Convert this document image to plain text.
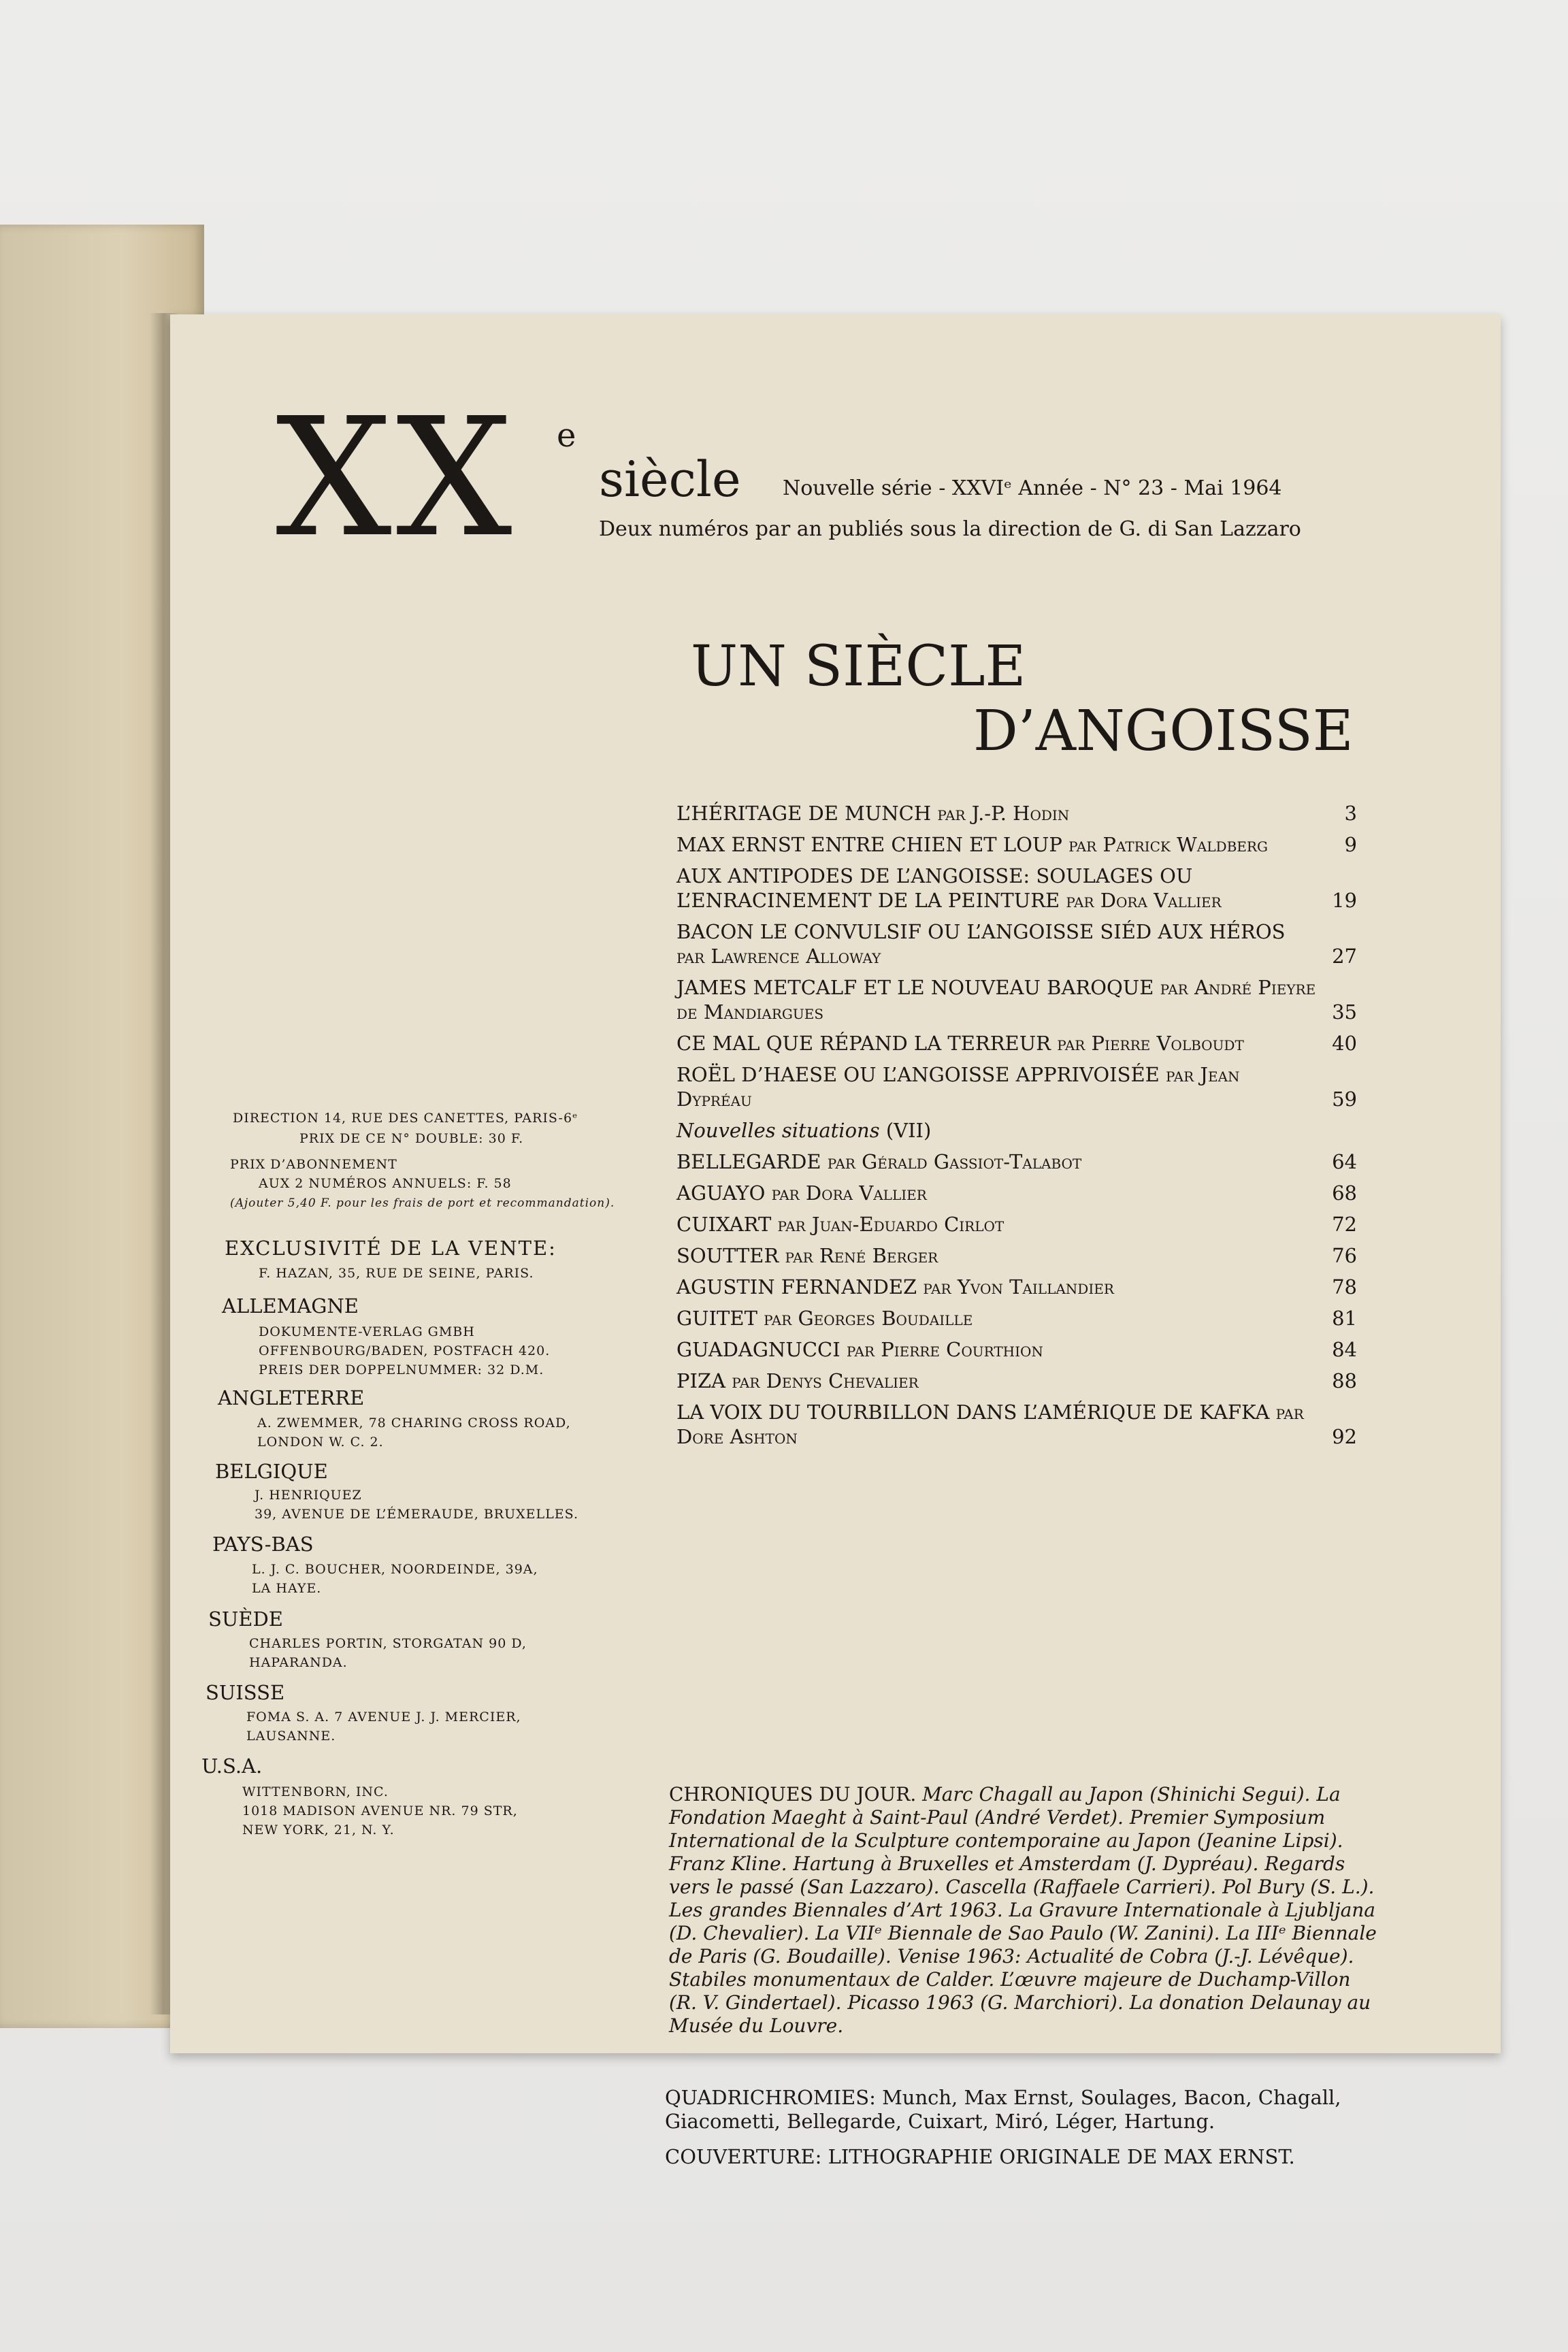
XX e
siècle Nouvelle série - XXVIᵉ Année - N° 23 - Mai 1964
Deux numéros par an publiés sous la direction de G. di San Lazzaro
UN SIÈCLE
D’ANGOISSE
L’HÉRITAGE DE MUNCH par J.-P. Hodin	3
MAX ERNST ENTRE CHIEN ET LOUP par Patrick Waldberg	9
AUX ANTIPODES DE L’ANGOISSE: SOULAGES OU L’ENRACINEMENT DE LA PEINTURE par Dora Vallier	19
BACON LE CONVULSIF OU L’ANGOISSE SIÉD AUX HÉROS par Lawrence Alloway	27
JAMES METCALF ET LE NOUVEAU BAROQUE par André Pieyre de Mandiargues	35
CE MAL QUE RÉPAND LA TERREUR par Pierre Volboudt	40
ROËL D’HAESE OU L’ANGOISSE APPRIVOISÉE par Jean Dypréau	59
Nouvelles situations (VII)
BELLEGARDE par Gérald Gassiot-Talabot	64
AGUAYO par Dora Vallier	68
CUIXART par Juan-Eduardo Cirlot	72
SOUTTER par René Berger	76
AGUSTIN FERNANDEZ par Yvon Taillandier	78
GUITET par Georges Boudaille	81
GUADAGNUCCI par Pierre Courthion	84
PIZA par Denys Chevalier	88
LA VOIX DU TOURBILLON DANS L’AMÉRIQUE DE KAFKA par Dore Ashton	92
CHRONIQUES DU JOUR. Marc Chagall au Japon (Shinichi Segui). La Fondation Maeght à Saint-Paul (André Verdet). Premier Symposium International de la Sculpture contemporaine au Japon (Jeanine Lipsi). Franz Kline. Hartung à Bruxelles et Amsterdam (J. Dypréau). Regards vers le passé (San Lazzaro). Cascella (Raffaele Carrieri). Pol Bury (S. L.). Les grandes Biennales d’Art 1963. La Gravure Internationale à Ljubljana (D. Chevalier). La VIIᵉ Biennale de Sao Paulo (W. Zanini). La IIIᵉ Biennale de Paris (G. Boudaille). Venise 1963: Actualité de Cobra (J.-J. Lévêque). Stabiles monumentaux de Calder. L’œuvre majeure de Duchamp-Villon (R. V. Gindertael). Picasso 1963 (G. Marchiori). La donation Delaunay au Musée du Louvre.
QUADRICHROMIES: Munch, Max Ernst, Soulages, Bacon, Chagall, Giacometti, Bellegarde, Cuixart, Miró, Léger, Hartung.
COUVERTURE: LITHOGRAPHIE ORIGINALE DE MAX ERNST.
DIRECTION 14, RUE DES CANETTES, PARIS-6ᵉ
PRIX DE CE N° DOUBLE: 30 F.
PRIX D’ABONNEMENT
AUX 2 NUMÉROS ANNUELS: F. 58
(Ajouter 5,40 F. pour les frais de port et recommandation).
EXCLUSIVITÉ DE LA VENTE:
F. HAZAN, 35, RUE DE SEINE, PARIS.
ALLEMAGNE
DOKUMENTE-VERLAG GMBH
OFFENBOURG/BADEN, POSTFACH 420.
PREIS DER DOPPELNUMMER: 32 D.M.
ANGLETERRE
A. ZWEMMER, 78 CHARING CROSS ROAD,
LONDON W. C. 2.
BELGIQUE
J. HENRIQUEZ
39, AVENUE DE L’ÉMERAUDE, BRUXELLES.
PAYS-BAS
L. J. C. BOUCHER, NOORDEINDE, 39A,
LA HAYE.
SUÈDE
CHARLES PORTIN, STORGATAN 90 D,
HAPARANDA.
SUISSE
FOMA S. A. 7 AVENUE J. J. MERCIER,
LAUSANNE.
U.S.A.
WITTENBORN, INC.
1018 MADISON AVENUE NR. 79 STR,
NEW YORK, 21, N. Y.
